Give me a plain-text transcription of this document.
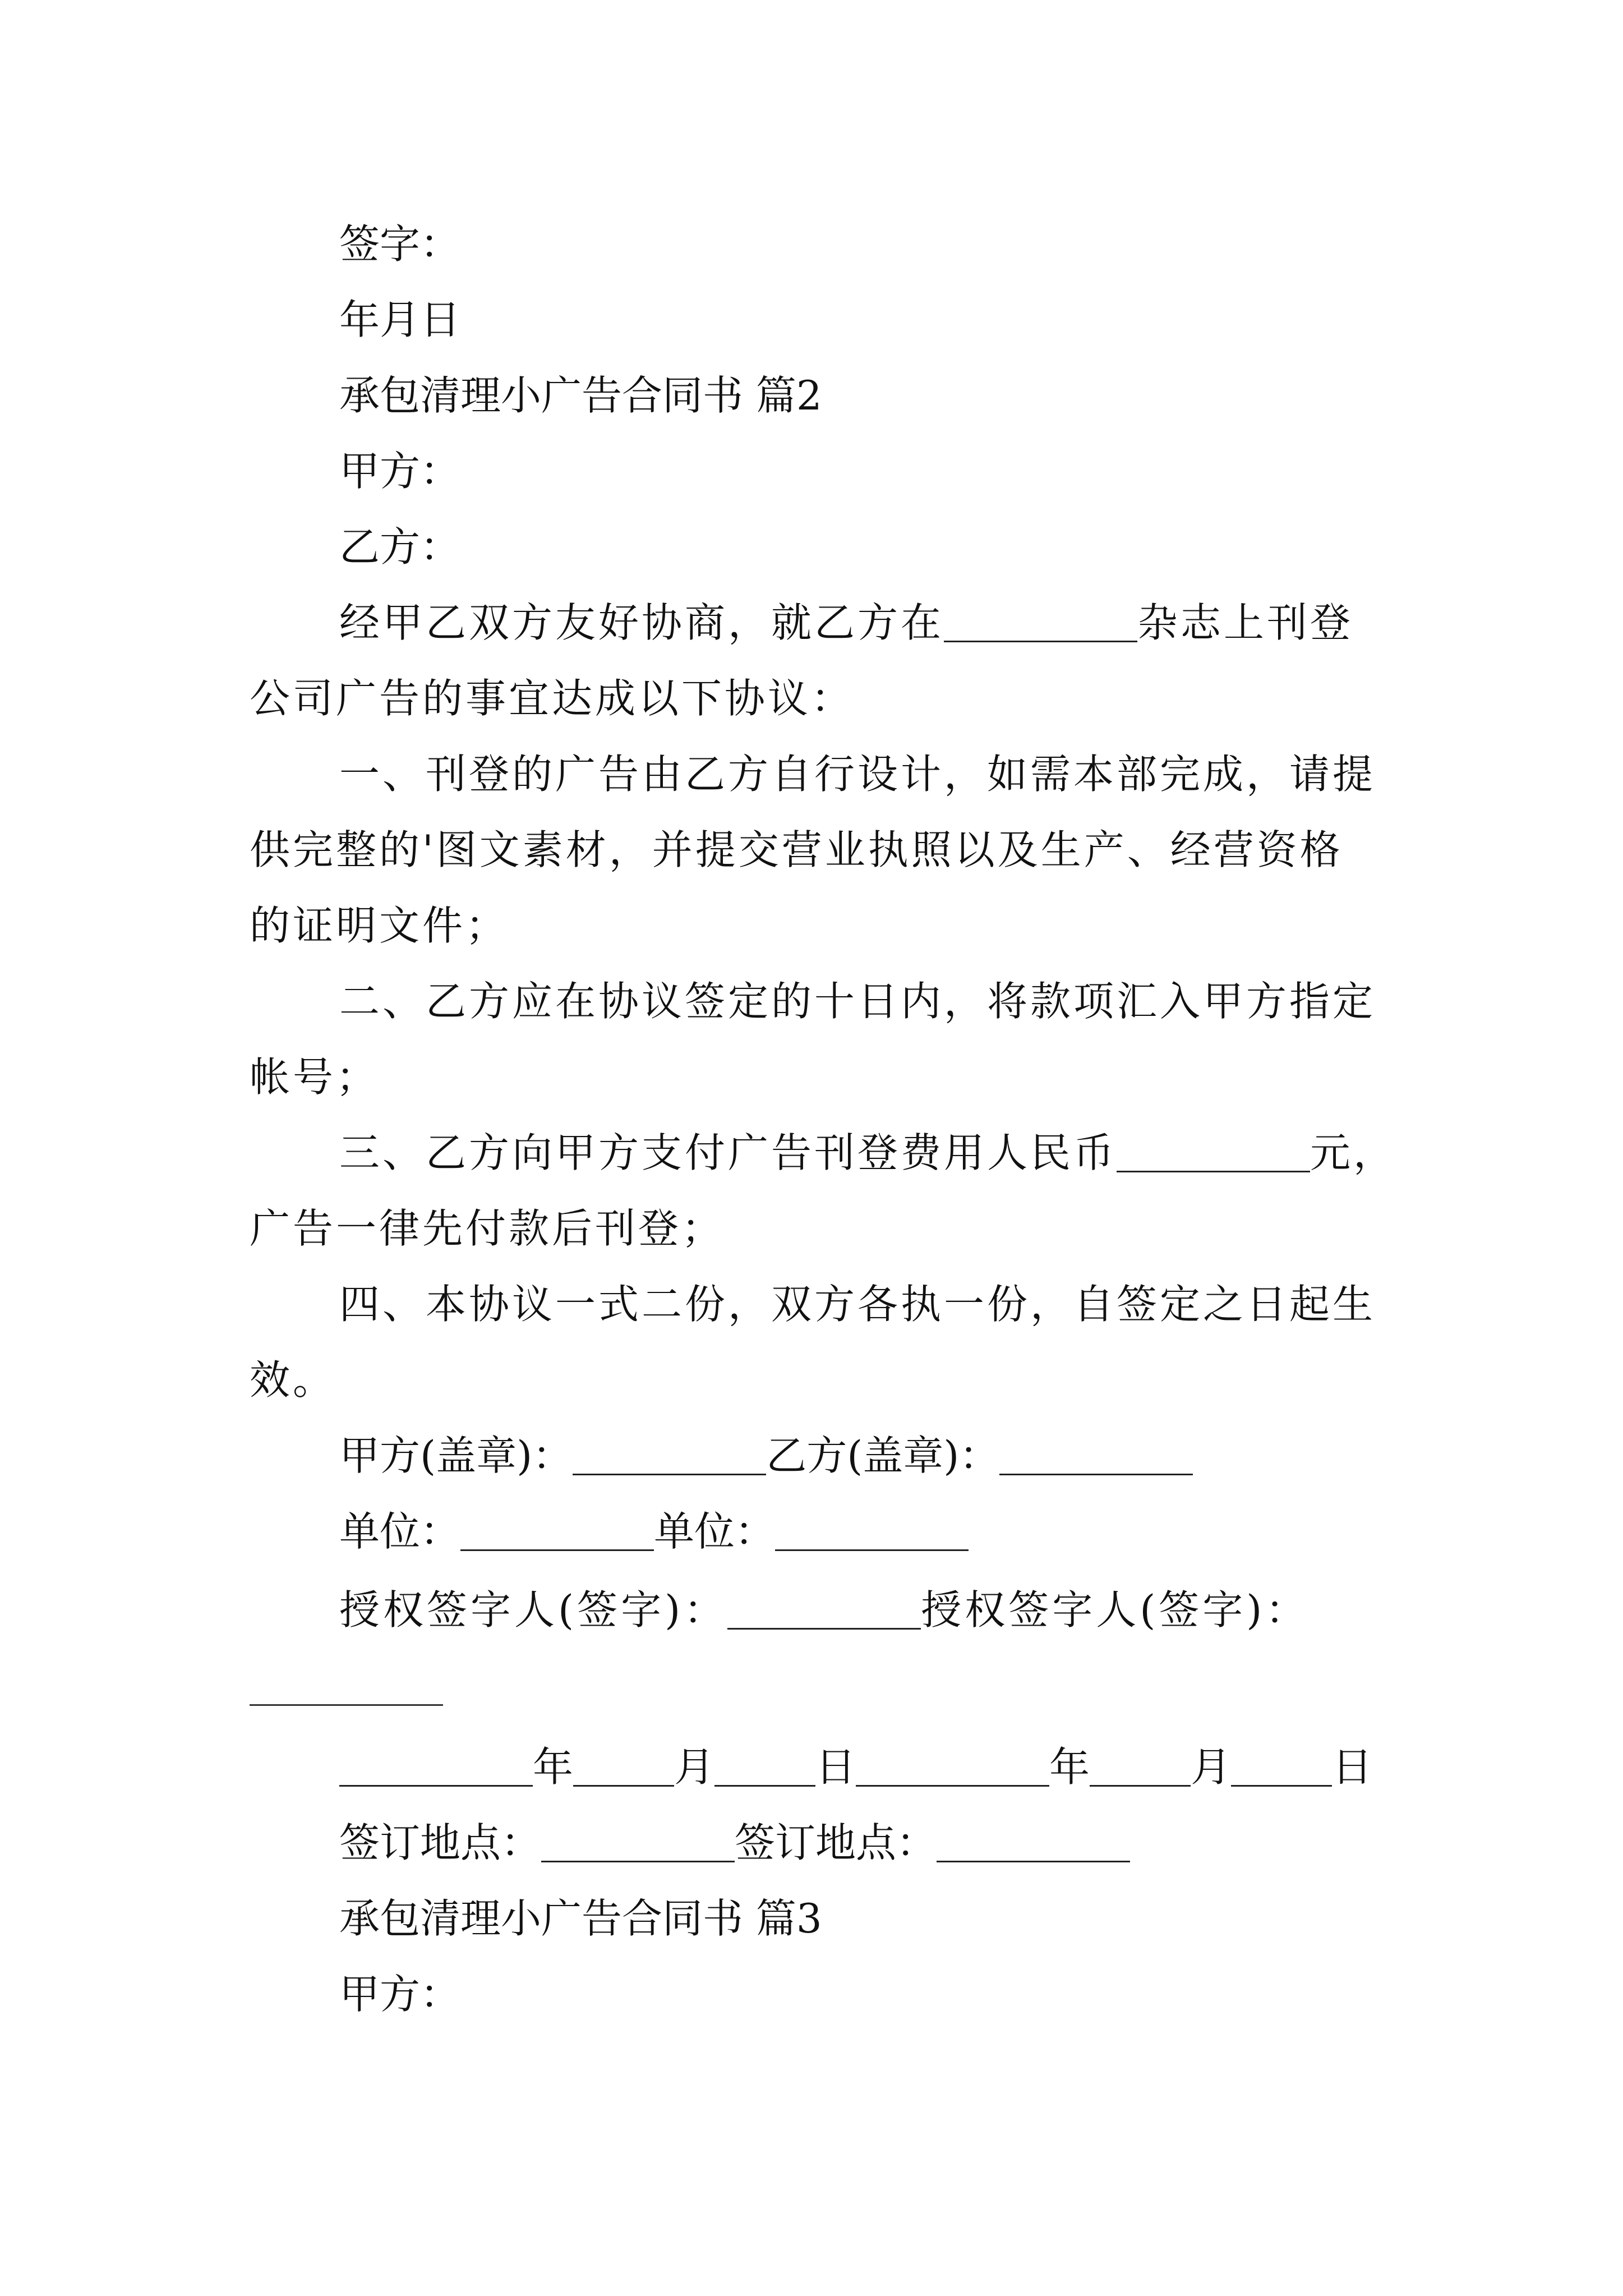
签字：
年月日
承包清理小广告合同书 篇2
甲方：
乙方：
经甲乙双方友好协商，就乙方在	杂志上刊登
公司广告的事宜达成以下协议：
一、刊登的广告由乙方自行设计，如需本部完成，请提
供完整的'图文素材，并提交营业执照以及生产、经营资格
的证明文件；
二、乙方应在协议签定的十日内，将款项汇入甲方指定
帐号；
三、乙方向甲方支付广告刊登费用人民币	元，
广告一律先付款后刊登；
四、本协议一式二份，双方各执一份，自签定之日起生
效。
甲方(盖章)：	乙方(盖章)：
单位：	单位：
授权签字人(签字)：	授权签字人(签字)：
年	月	日	年	月	日
签订地点：	签订地点：
承包清理小广告合同书 篇3
甲方：
